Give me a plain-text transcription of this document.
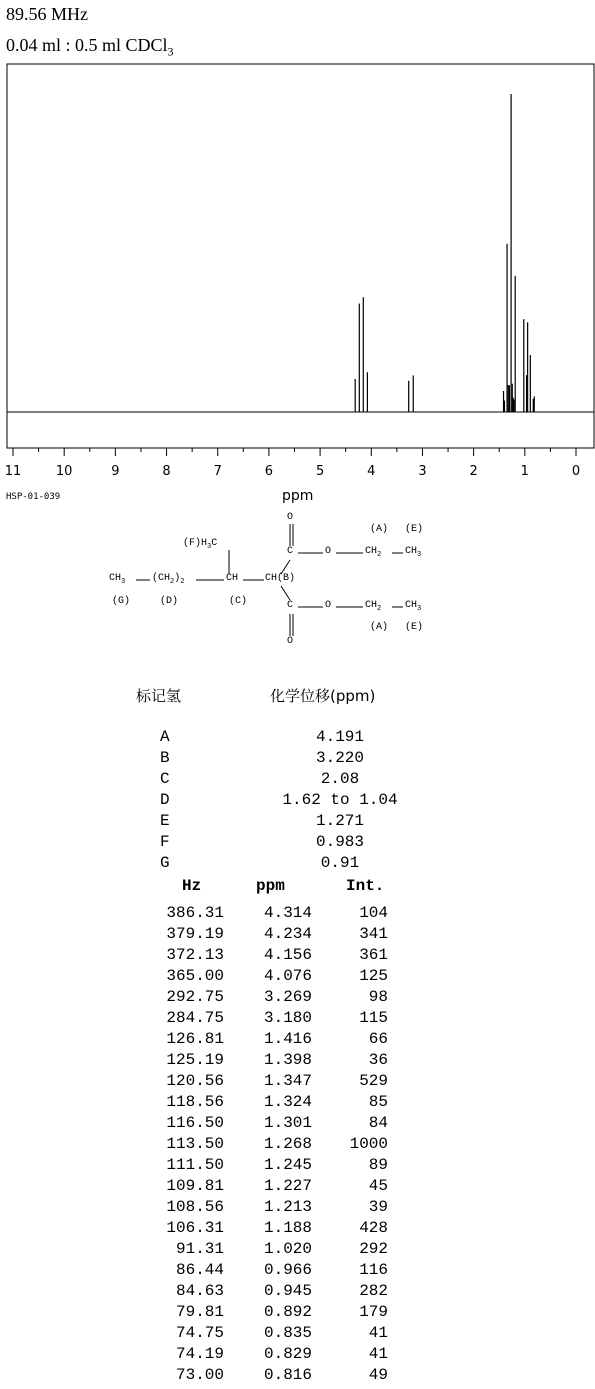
89.56 MHz
0.04 ml : 0.5 ml CDCl$_3$
11	10	9	8	7	6	5	4	3	2	1	0
HSP-01-039	ppm

O

$(F)H_3C$

C

	O

	$CH_2$

$CH_3$

(A)

(E)

$CH_3$

	$(CH_2)_2$

	CH

	CH(B)

(G)

	(D)

	(C)

	C

	O

	$CH_2$

$CH_3$

(A)

(E)

O

标记氢	化学位移(ppm)
A	4.191
B	3.220
C	2.08
D	1.62 to 1.04
E	1.271
F	0.983
G	0.91
Hz	ppm	Int.
386.31	4.314	104
379.19	4.234	341
372.13	4.156	361
365.00	4.076	125
292.75	3.269	98
284.75	3.180	115
126.81	1.416	66
125.19	1.398	36
120.56	1.347	529
118.56	1.324	85
116.50	1.301	84
113.50	1.268	1000
111.50	1.245	89
109.81	1.227	45
108.56	1.213	39
106.31	1.188	428
91.31	1.020	292
86.44	0.966	116
84.63	0.945	282
79.81	0.892	179
74.75	0.835	41
74.19	0.829	41
73.00	0.816	49
